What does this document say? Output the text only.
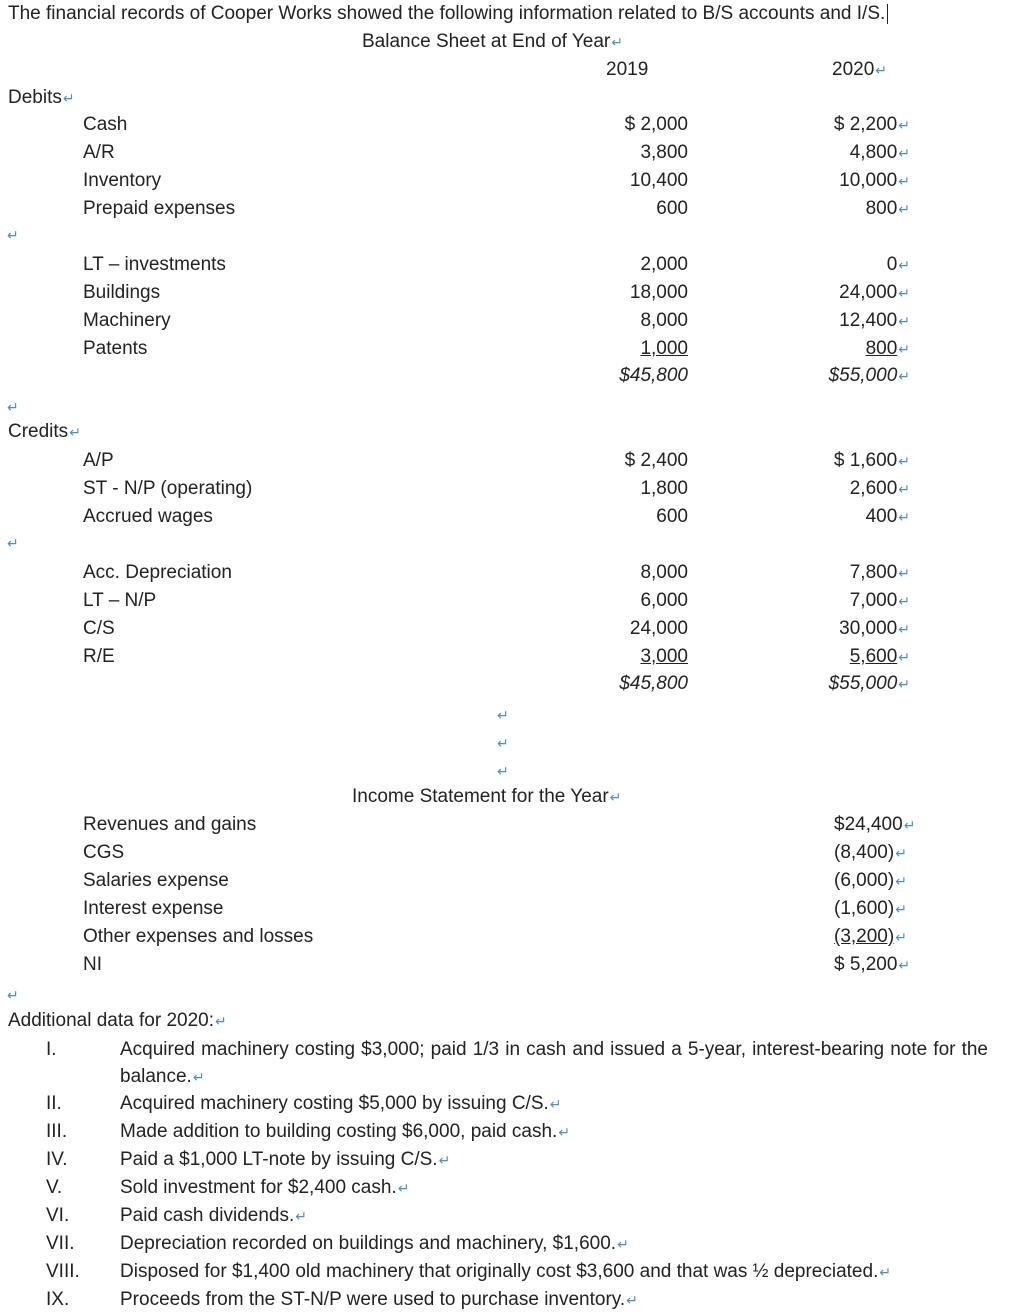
The financial records of Cooper Works showed the following information related to B/S accounts and I/S.
Balance Sheet at End of Year↵
2019	2020↵
Debits↵
Cash	$ 2,000	$ 2,200↵
A/R	3,800	4,800↵
Inventory	10,400	10,000↵
Prepaid expenses	600	800↵
↵
LT – investments	2,000	0↵
Buildings	18,000	24,000↵
Machinery	8,000	12,400↵
Patents	1,000	800↵
$45,800	$55,000↵
↵
Credits↵
A/P	$ 2,400	$ 1,600↵
ST - N/P (operating)	1,800	2,600↵
Accrued wages	600	400↵
↵
Acc. Depreciation	8,000	7,800↵
LT – N/P	6,000	7,000↵
C/S	24,000	30,000↵
R/E	3,000	5,600↵
$45,800	$55,000↵
↵
↵
↵
Income Statement for the Year↵
Revenues and gains	$24,400↵
CGS	(8,400)↵
Salaries expense	(6,000)↵
Interest expense	(1,600)↵
Other expenses and losses	(3,200)↵
NI	$ 5,200↵
↵
Additional data for 2020:↵
I.	Acquired machinery costing $3,000; paid 1/3 in cash and issued a 5-year, interest-bearing note for the balance.↵
II.	Acquired machinery costing $5,000 by issuing C/S.↵
III.	Made addition to building costing $6,000, paid cash.↵
IV.	Paid a $1,000 LT-note by issuing C/S.↵
V.	Sold investment for $2,400 cash.↵
VI.	Paid cash dividends.↵
VII.	Depreciation recorded on buildings and machinery, $1,600.↵
VIII.	Disposed for $1,400 old machinery that originally cost $3,600 and that was ½ depreciated.↵
IX.	Proceeds from the ST-N/P were used to purchase inventory.↵
